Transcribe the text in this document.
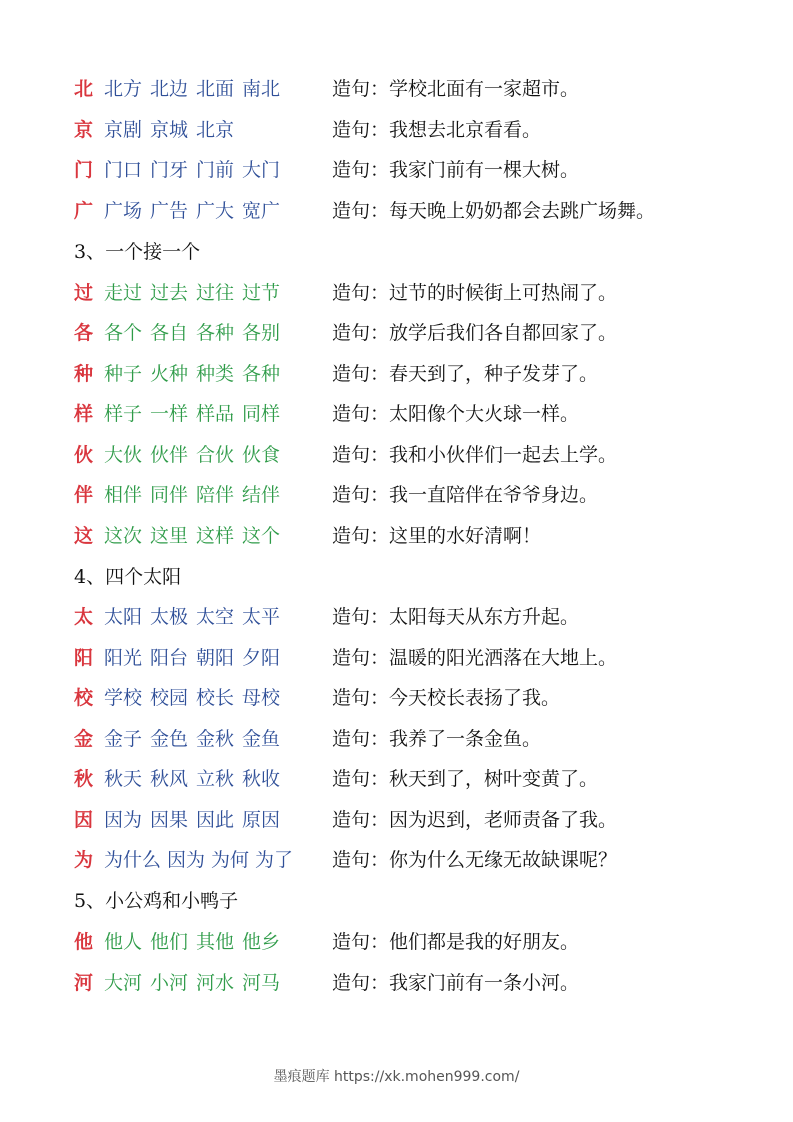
北 北方 北边 北面 南北	造句：学校北面有一家超市。
京 京剧 京城 北京	造句：我想去北京看看。
门 门口 门牙 门前 大门	造句：我家门前有一棵大树。
广 广场 广告 广大 宽广	造句：每天晚上奶奶都会去跳广场舞。
3、一个接一个
过 走过 过去 过往 过节	造句：过节的时候街上可热闹了。
各 各个 各自 各种 各别	造句：放学后我们各自都回家了。
种 种子 火种 种类 各种	造句：春天到了，种子发芽了。
样 样子 一样 样品 同样	造句：太阳像个大火球一样。
伙 大伙 伙伴 合伙 伙食	造句：我和小伙伴们一起去上学。
伴 相伴 同伴 陪伴 结伴	造句：我一直陪伴在爷爷身边。
这 这次 这里 这样 这个	造句：这里的水好清啊！
4、四个太阳
太 太阳 太极 太空 太平	造句：太阳每天从东方升起。
阳 阳光 阳台 朝阳 夕阳	造句：温暖的阳光洒落在大地上。
校 学校 校园 校长 母校	造句：今天校长表扬了我。
金 金子 金色 金秋 金鱼	造句：我养了一条金鱼。
秋 秋天 秋风 立秋 秋收	造句：秋天到了，树叶变黄了。
因 因为 因果 因此 原因	造句：因为迟到，老师责备了我。
为 为什么 因为 为何 为了 造句：你为什么无缘无故缺课呢？
5、小公鸡和小鸭子
他 他人 他们 其他 他乡	造句：他们都是我的好朋友。
河 大河 小河 河水 河马	造句：我家门前有一条小河。
墨痕题库 https://xk.mohen999.com/
